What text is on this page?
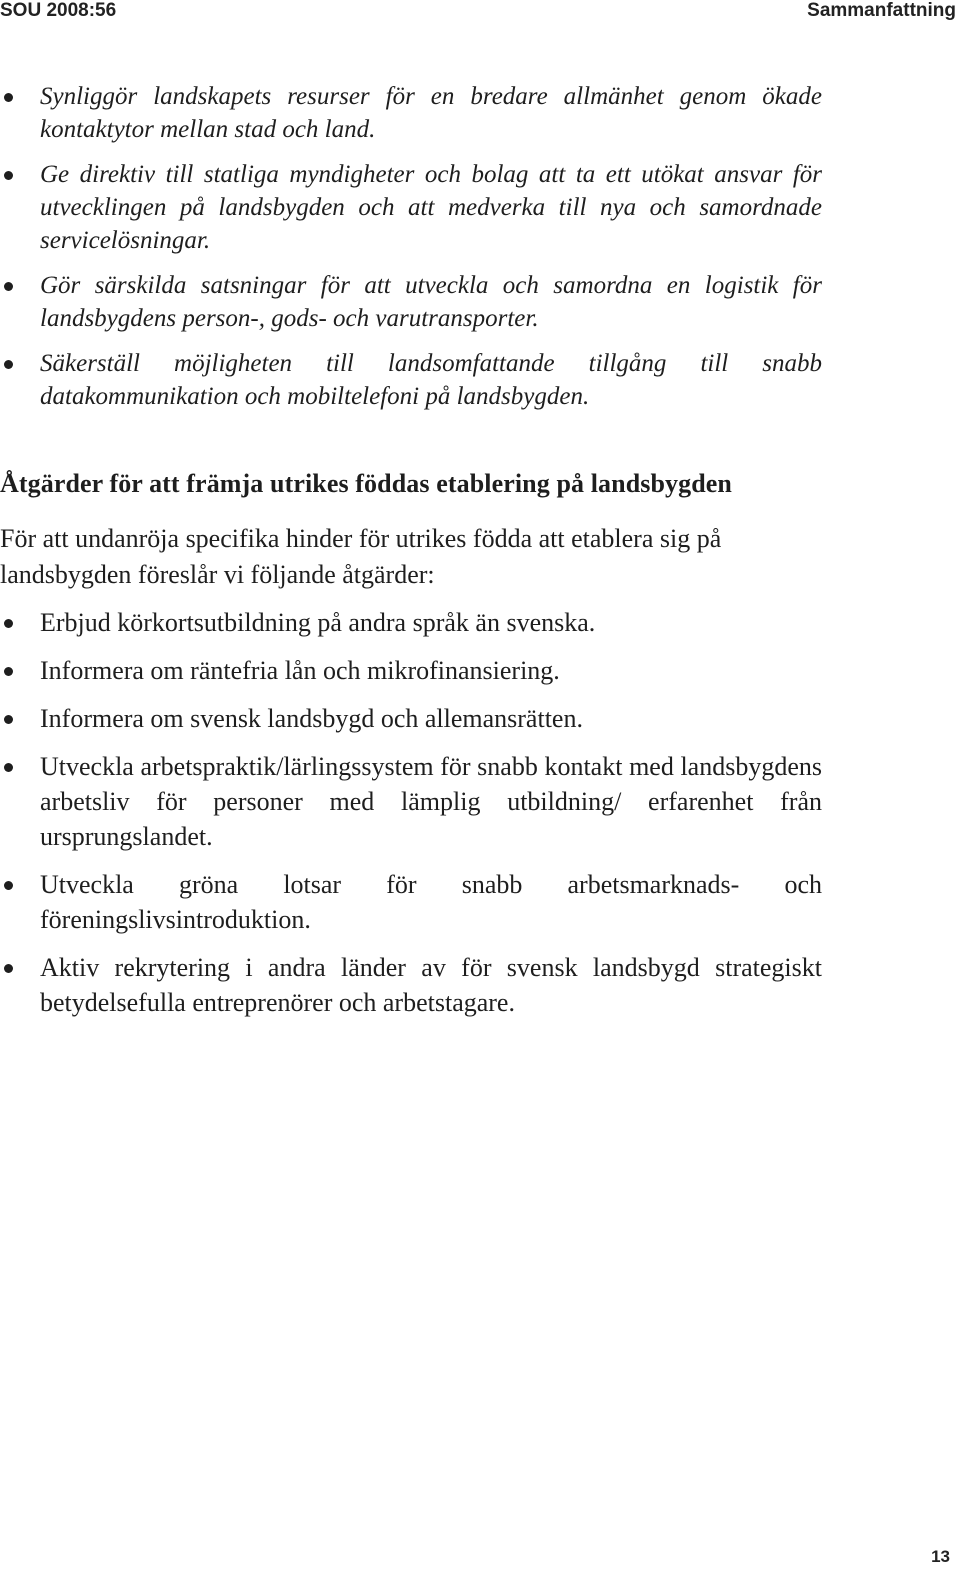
SOU 2008:56	Sammanfattning
Synliggör landskapets resurser för en bredare allmänhet genom ökade kontaktytor mellan stad och land.
Ge direktiv till statliga myndigheter och bolag att ta ett utökat ansvar för utvecklingen på landsbygden och att medverka till nya och samordnade servicelösningar.
Gör särskilda satsningar för att utveckla och samordna en logistik för landsbygdens person-, gods- och varutransporter.
Säkerställ möjligheten till landsomfattande tillgång till snabb datakommunikation och mobiltelefoni på landsbygden.
Åtgärder för att främja utrikes föddas etablering på landsbygden

För att undanröja specifika hinder för utrikes födda att etablera sig på landsbygden föreslår vi följande åtgärder:

Erbjud körkortsutbildning på andra språk än svenska.
Informera om räntefria lån och mikrofinansiering.
Informera om svensk landsbygd och allemansrätten.
Utveckla arbetspraktik/lärlingssystem för snabb kontakt med landsbygdens arbetsliv för personer med lämplig utbildning/ erfarenhet från ursprungslandet.
Utveckla gröna lotsar för snabb arbetsmarknads- och föreningslivsintroduktion.
Aktiv rekrytering i andra länder av för svensk landsbygd strategiskt betydelsefulla entreprenörer och arbetstagare.
13
